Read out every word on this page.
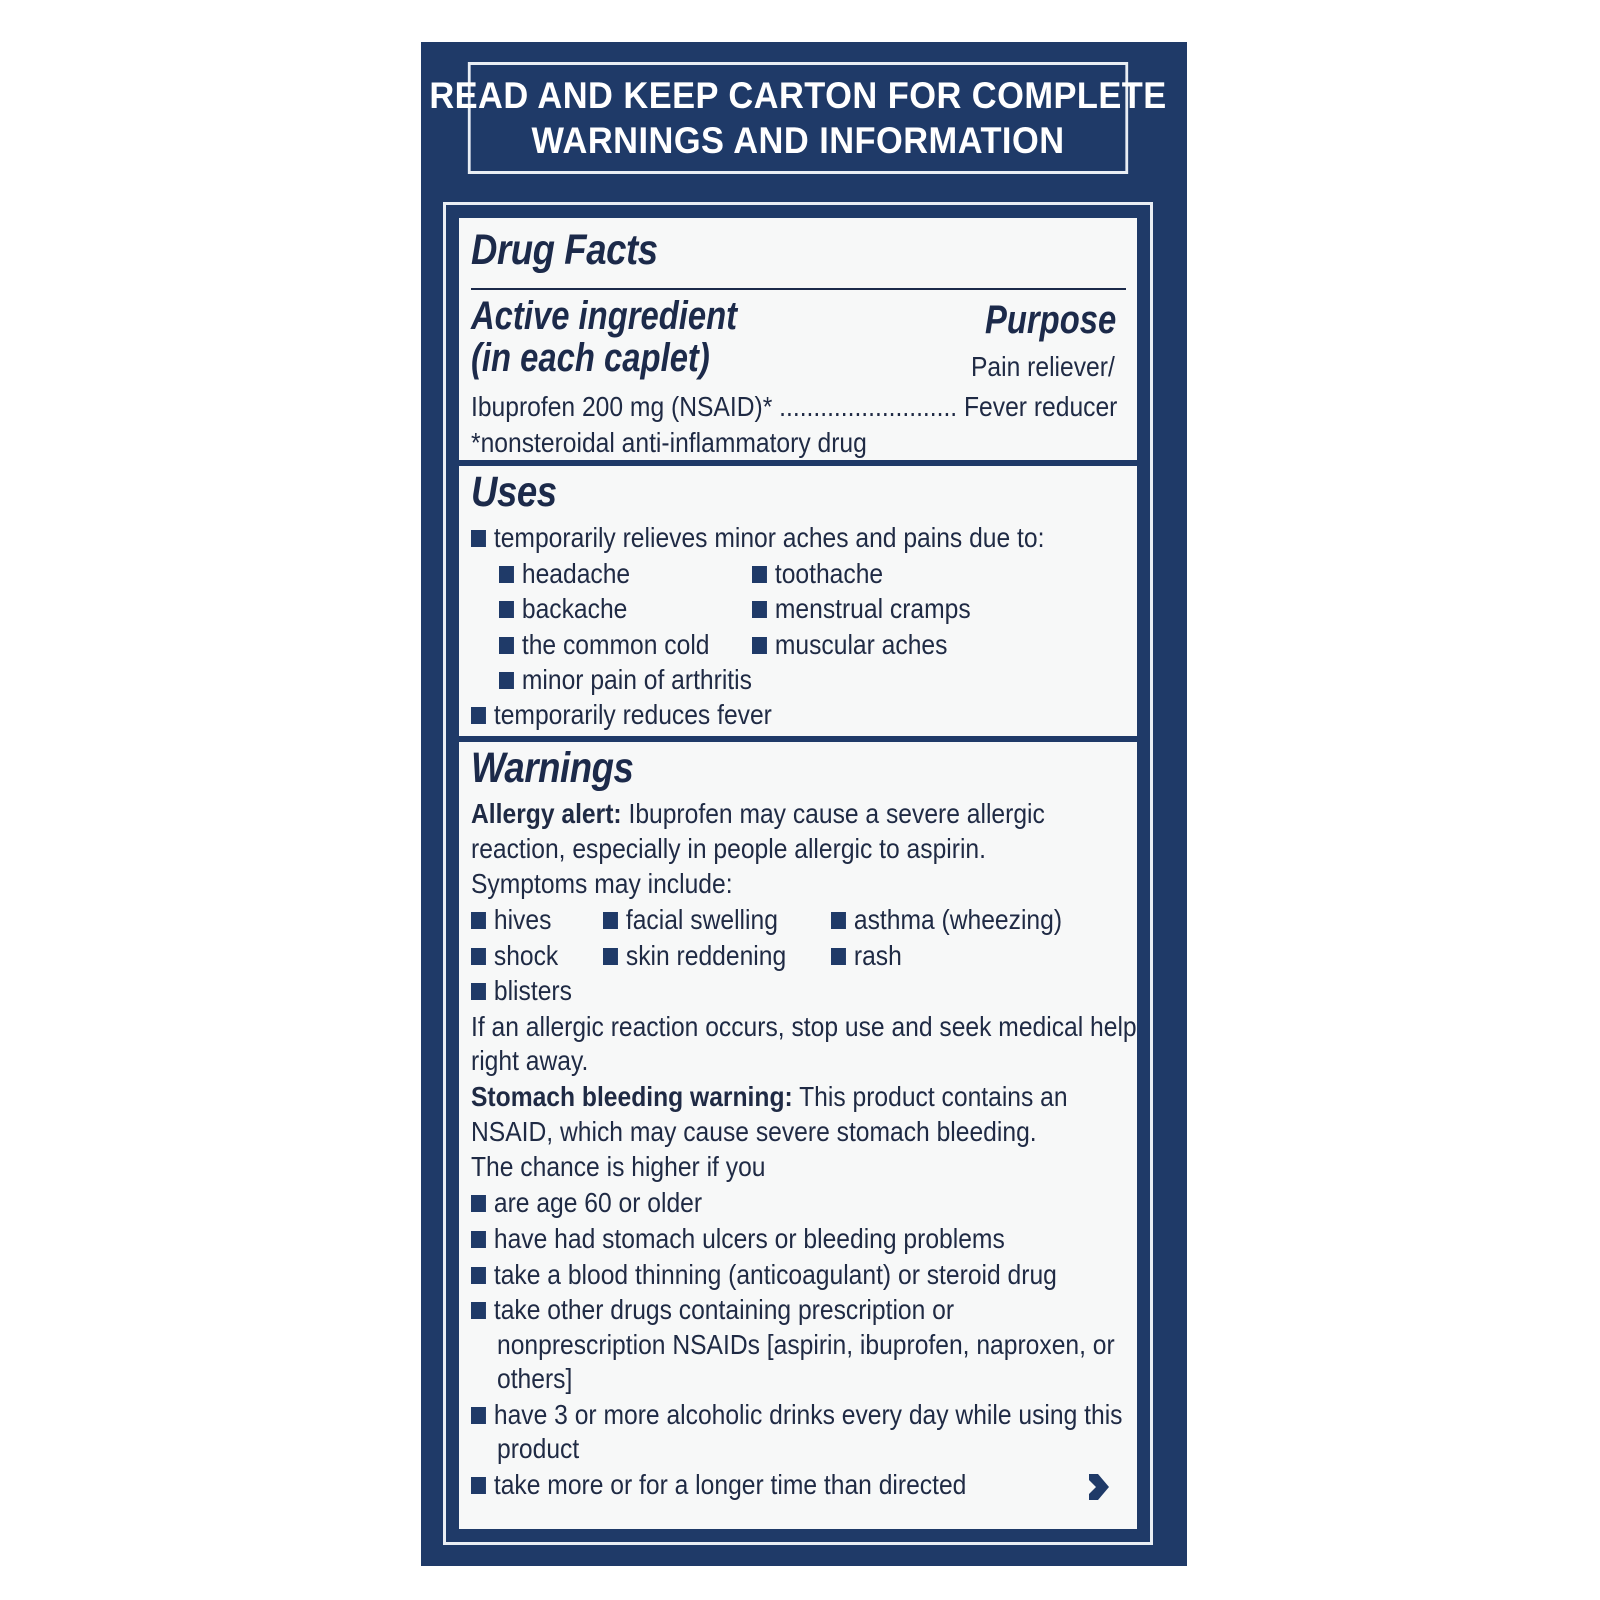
READ AND KEEP CARTON FOR COMPLETE
WARNINGS AND INFORMATION
Drug Facts
Active ingredient
(in each caplet)
Purpose
Pain reliever/
Ibuprofen 200 mg (NSAID)* .......................... Fever reducer
*nonsteroidal anti-inflammatory drug
Uses
temporarily relieves minor aches and pains due to:
headache	toothache
backache	menstrual cramps
the common cold	muscular aches
minor pain of arthritis
temporarily reduces fever
Warnings
Allergy alert: Ibuprofen may cause a severe allergic
reaction, especially in people allergic to aspirin.
Symptoms may include:
hives	facial swelling	asthma (wheezing)
shock	skin reddening	rash
blisters
If an allergic reaction occurs, stop use and seek medical help
right away.
Stomach bleeding warning: This product contains an
NSAID, which may cause severe stomach bleeding.
The chance is higher if you
are age 60 or older
have had stomach ulcers or bleeding problems
take a blood thinning (anticoagulant) or steroid drug
take other drugs containing prescription or
nonprescription NSAIDs [aspirin, ibuprofen, naproxen, or
others]
have 3 or more alcoholic drinks every day while using this
product
take more or for a longer time than directed
